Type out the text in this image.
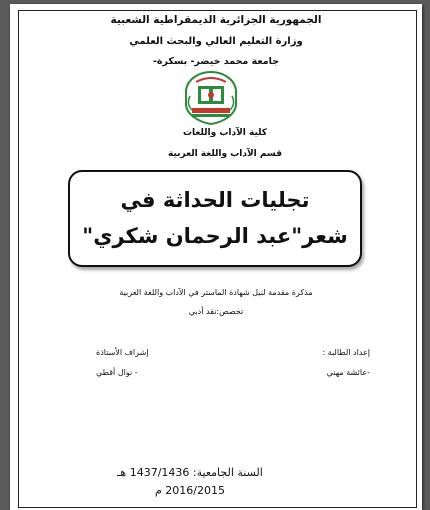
الجمهورية الجزائرية الديمقراطية الشعبية
وزارة التعليم العالي والبحث العلمي
جامعة محمد خيضر- بسكرة-
كلية الآداب واللغات
قسم الآداب واللغة العربية
تجليات الحداثة في شعر"عبد الرحمان شكري"
مذكرة مقدمة لنيل شهادة الماستر في الآداب واللغة العربية
تخصص:نقد أدبي
إعداد الطالبة :
-عائشة مهني
إشراف الأستاذة
- نوال أقطي
السنة الجامعية: 1437/1436 هـ
2016/2015 م
